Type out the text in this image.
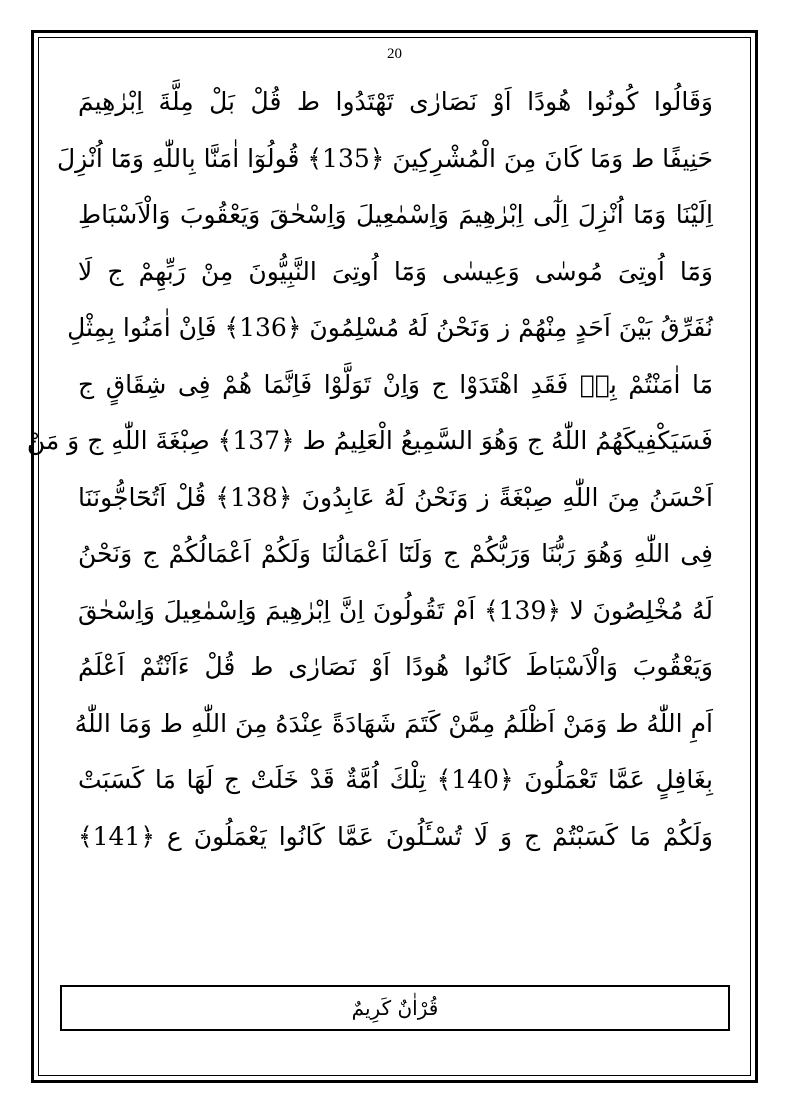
20
وَقَالُوا كُونُوا هُودًا اَوْ نَصَارٰى تَهْتَدُوا ط قُلْ بَلْ مِلَّةَ اِبْرٰهِيمَ
حَنِيفًا ط وَمَا كَانَ مِنَ الْمُشْرِكِينَ ﴿135﴾ قُولُوٓا اٰمَنَّا بِاللّٰهِ وَمَٓا اُنْزِلَ
اِلَيْنَا وَمَٓا اُنْزِلَ اِلٰٓى اِبْرٰهِيمَ وَاِسْمٰعِيلَ وَاِسْحٰقَ وَيَعْقُوبَ وَالْاَسْبَاطِ
وَمَٓا اُوتِىَ مُوسٰى وَعِيسٰى وَمَٓا اُوتِىَ النَّبِيُّونَ مِنْ رَبِّهِمْ ج لَا
نُفَرِّقُ بَيْنَ اَحَدٍ مِنْهُمْ ز وَنَحْنُ لَهُ مُسْلِمُونَ ﴿136﴾ فَاِنْ اٰمَنُوا بِمِثْلِ
مَٓا اٰمَنْتُمْ بِهٖ فَقَدِ اهْتَدَوْا ج وَاِنْ تَوَلَّوْا فَاِنَّمَا هُمْ فِى شِقَاقٍ ج
فَسَيَكْفِيكَهُمُ اللّٰهُ ج وَهُوَ السَّمِيعُ الْعَلِيمُ ط ﴿137﴾ صِبْغَةَ اللّٰهِ ج وَ مَنْ
اَحْسَنُ مِنَ اللّٰهِ صِبْغَةً ز وَنَحْنُ لَهُ عَابِدُونَ ﴿138﴾ قُلْ اَتُحَٓاجُّونَنَا
فِى اللّٰهِ وَهُوَ رَبُّنَا وَرَبُّكُمْ ج وَلَنَٓا اَعْمَالُنَا وَلَكُمْ اَعْمَالُكُمْ ج وَنَحْنُ
لَهُ مُخْلِصُونَ لا ﴿139﴾ اَمْ تَقُولُونَ اِنَّ اِبْرٰهِيمَ وَاِسْمٰعِيلَ وَاِسْحٰقَ
وَيَعْقُوبَ وَالْاَسْبَاطَ كَانُوا هُودًا اَوْ نَصَارٰى ط قُلْ ءَاَنْتُمْ اَعْلَمُ
اَمِ اللّٰهُ ط وَمَنْ اَظْلَمُ مِمَّنْ كَتَمَ شَهَادَةً عِنْدَهُ مِنَ اللّٰهِ ط وَمَا اللّٰهُ
بِغَافِلٍ عَمَّا تَعْمَلُونَ ﴿140﴾ تِلْكَ اُمَّةٌ قَدْ خَلَتْ ج لَهَا مَا كَسَبَتْ
وَلَكُمْ مَا كَسَبْتُمْ ج وَ لَا تُسْـَٔلُونَ عَمَّا كَانُوا يَعْمَلُونَ ع ﴿141﴾
قُرْاٰنٌ كَرِيمٌ
